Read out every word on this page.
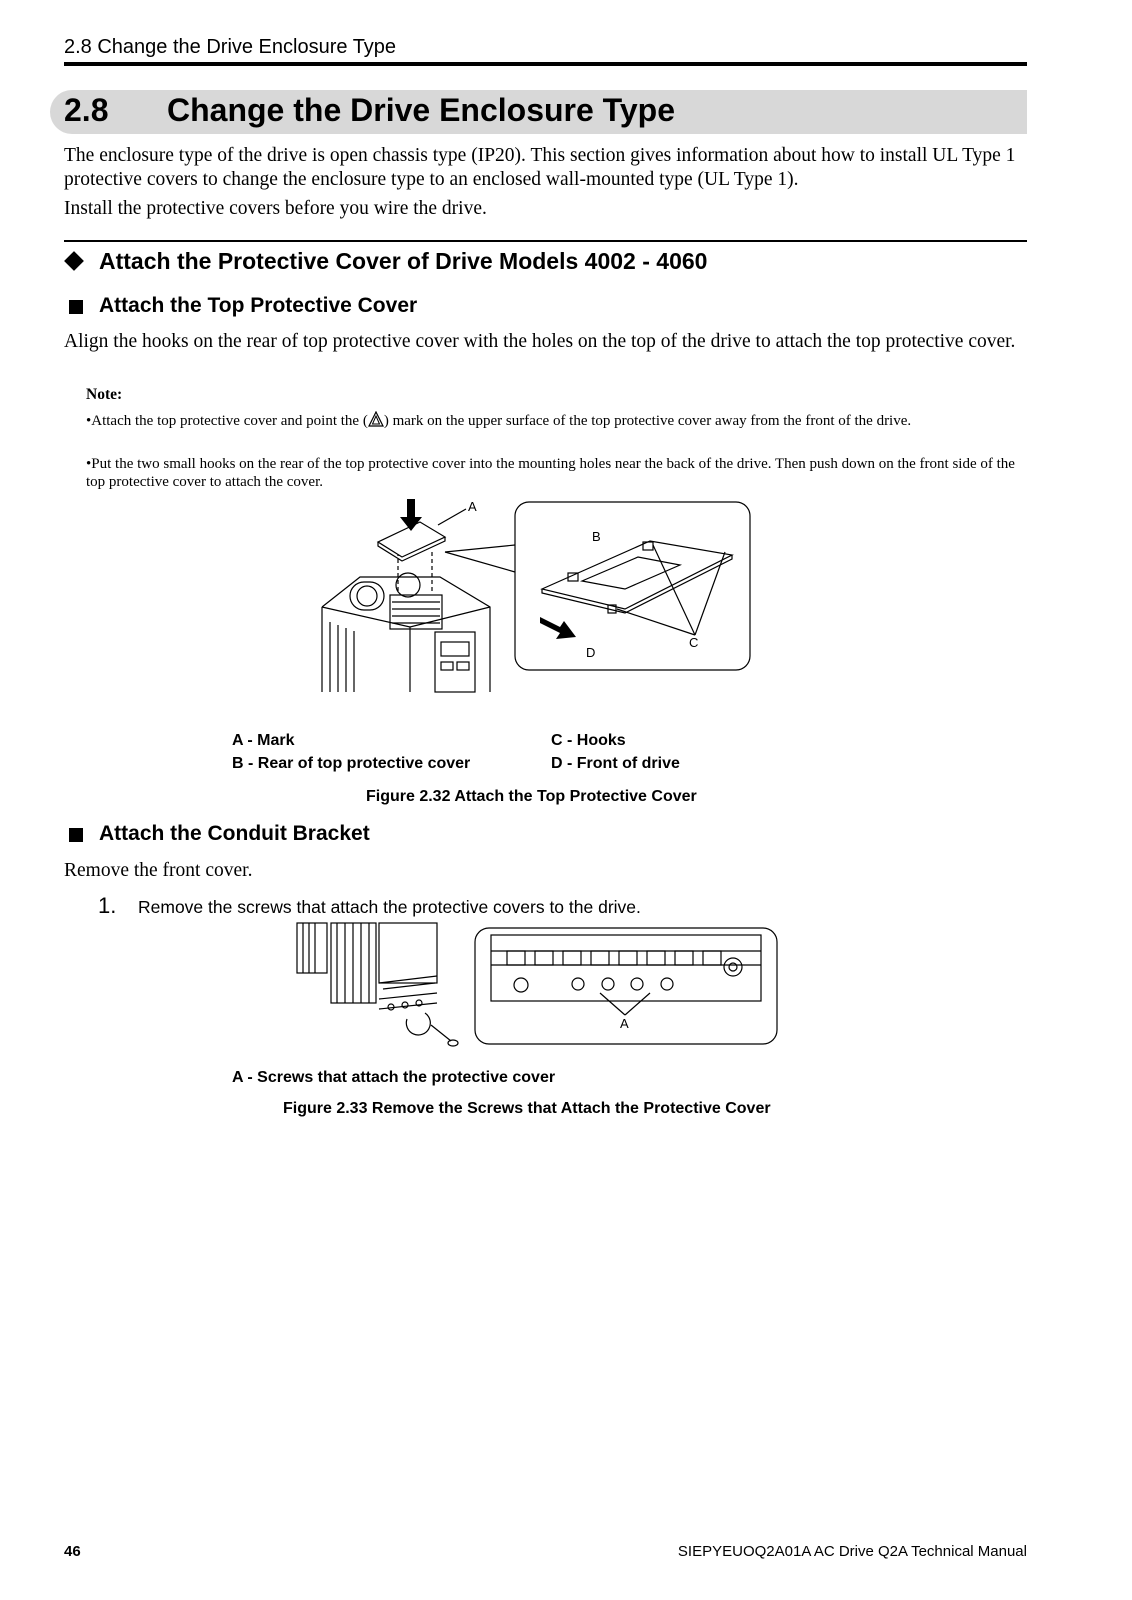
2.8 Change the Drive Enclosure Type
2.8 Change the Drive Enclosure Type
The enclosure type of the drive is open chassis type (IP20). This section gives information about how to install UL Type 1 protective covers to change the enclosure type to an enclosed wall-mounted type (UL Type 1).
Install the protective covers before you wire the drive.
Attach the Protective Cover of Drive Models 4002 - 4060
Attach the Top Protective Cover
Align the hooks on the rear of top protective cover with the holes on the top of the drive to attach the top protective cover.
Note:
•Attach the top protective cover and point the ( ) mark on the upper surface of the top protective cover away from the front of the drive.
•Put the two small hooks on the rear of the top protective cover into the mounting holes near the back of the drive. Then push down on the front side of the top protective cover to attach the cover.
A
B
C
D
A - Mark
B - Rear of top protective cover
C - Hooks
D - Front of drive
Figure 2.32 Attach the Top Protective Cover
Attach the Conduit Bracket
Remove the front cover.
1. Remove the screws that attach the protective covers to the drive.
A
A - Screws that attach the protective cover
Figure 2.33 Remove the Screws that Attach the Protective Cover
46	SIEPYEUOQ2A01A AC Drive Q2A Technical Manual
